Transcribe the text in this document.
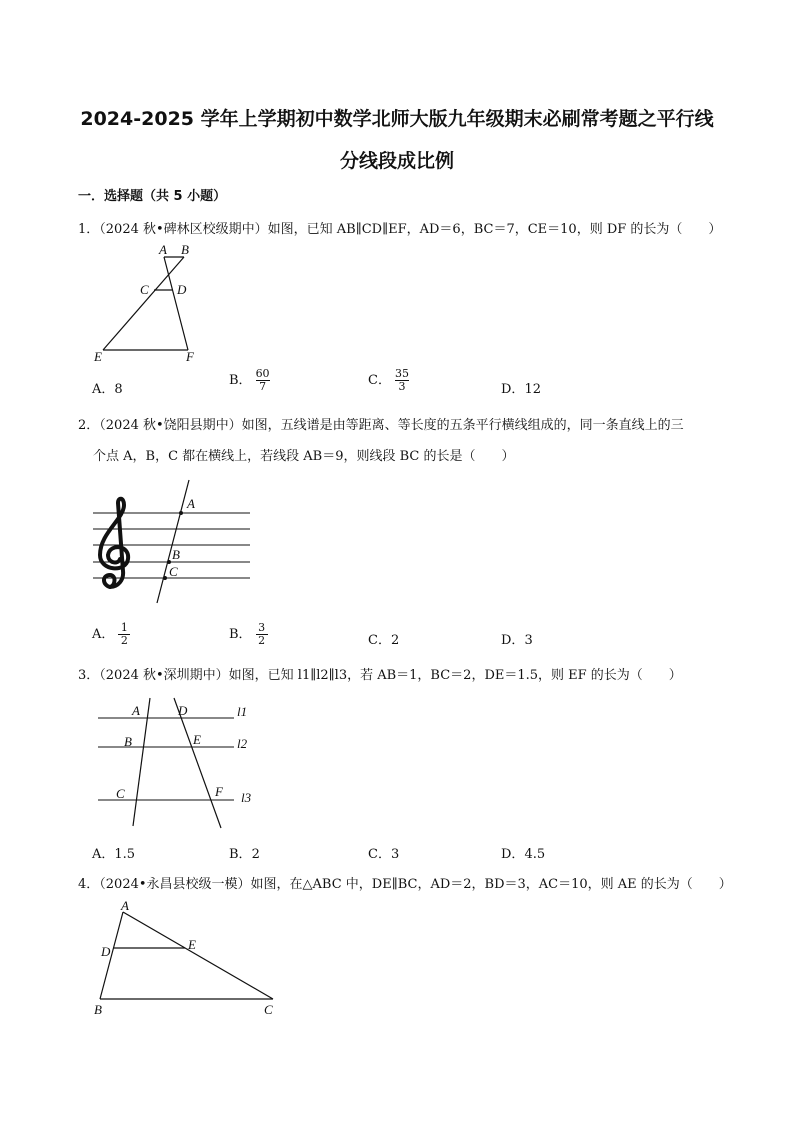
2024-2025 学年上学期初中数学北师大版九年级期末必刷常考题之平行线
分线段成比例
一．选择题（共 5 小题）
1．（2024 秋•碑林区校级期中）如图，已知 AB∥CD∥EF，AD＝6，BC＝7，CE＝10，则 DF 的长为（　　）
A B
C D
E	F
A．8
B． $\frac{60}{7}$	C． $\frac{35}{3}$	D．12
2．（2024 秋•饶阳县期中）如图，五线谱是由等距离、等长度的五条平行横线组成的，同一条直线上的三
个点 A，B，C 都在横线上，若线段 AB＝9，则线段 BC 的长是（　　）
A
B
C
A． $\frac{1}{2}$	B． $\frac{3}{2}$	C．2	D．3
3．（2024 秋•深圳期中）如图，已知 l1∥l2∥l3，若 AB＝1，BC＝2，DE＝1.5，则 EF 的长为（　　）
A	D
B	E
C	F
l1
l2
l3
A．1.5	B．2	C．3	D．4.5
4．（2024•永昌县校级一模）如图，在△ABC 中，DE∥BC，AD＝2，BD＝3，AC＝10，则 AE 的长为（　　）
A
D	E
B	C
